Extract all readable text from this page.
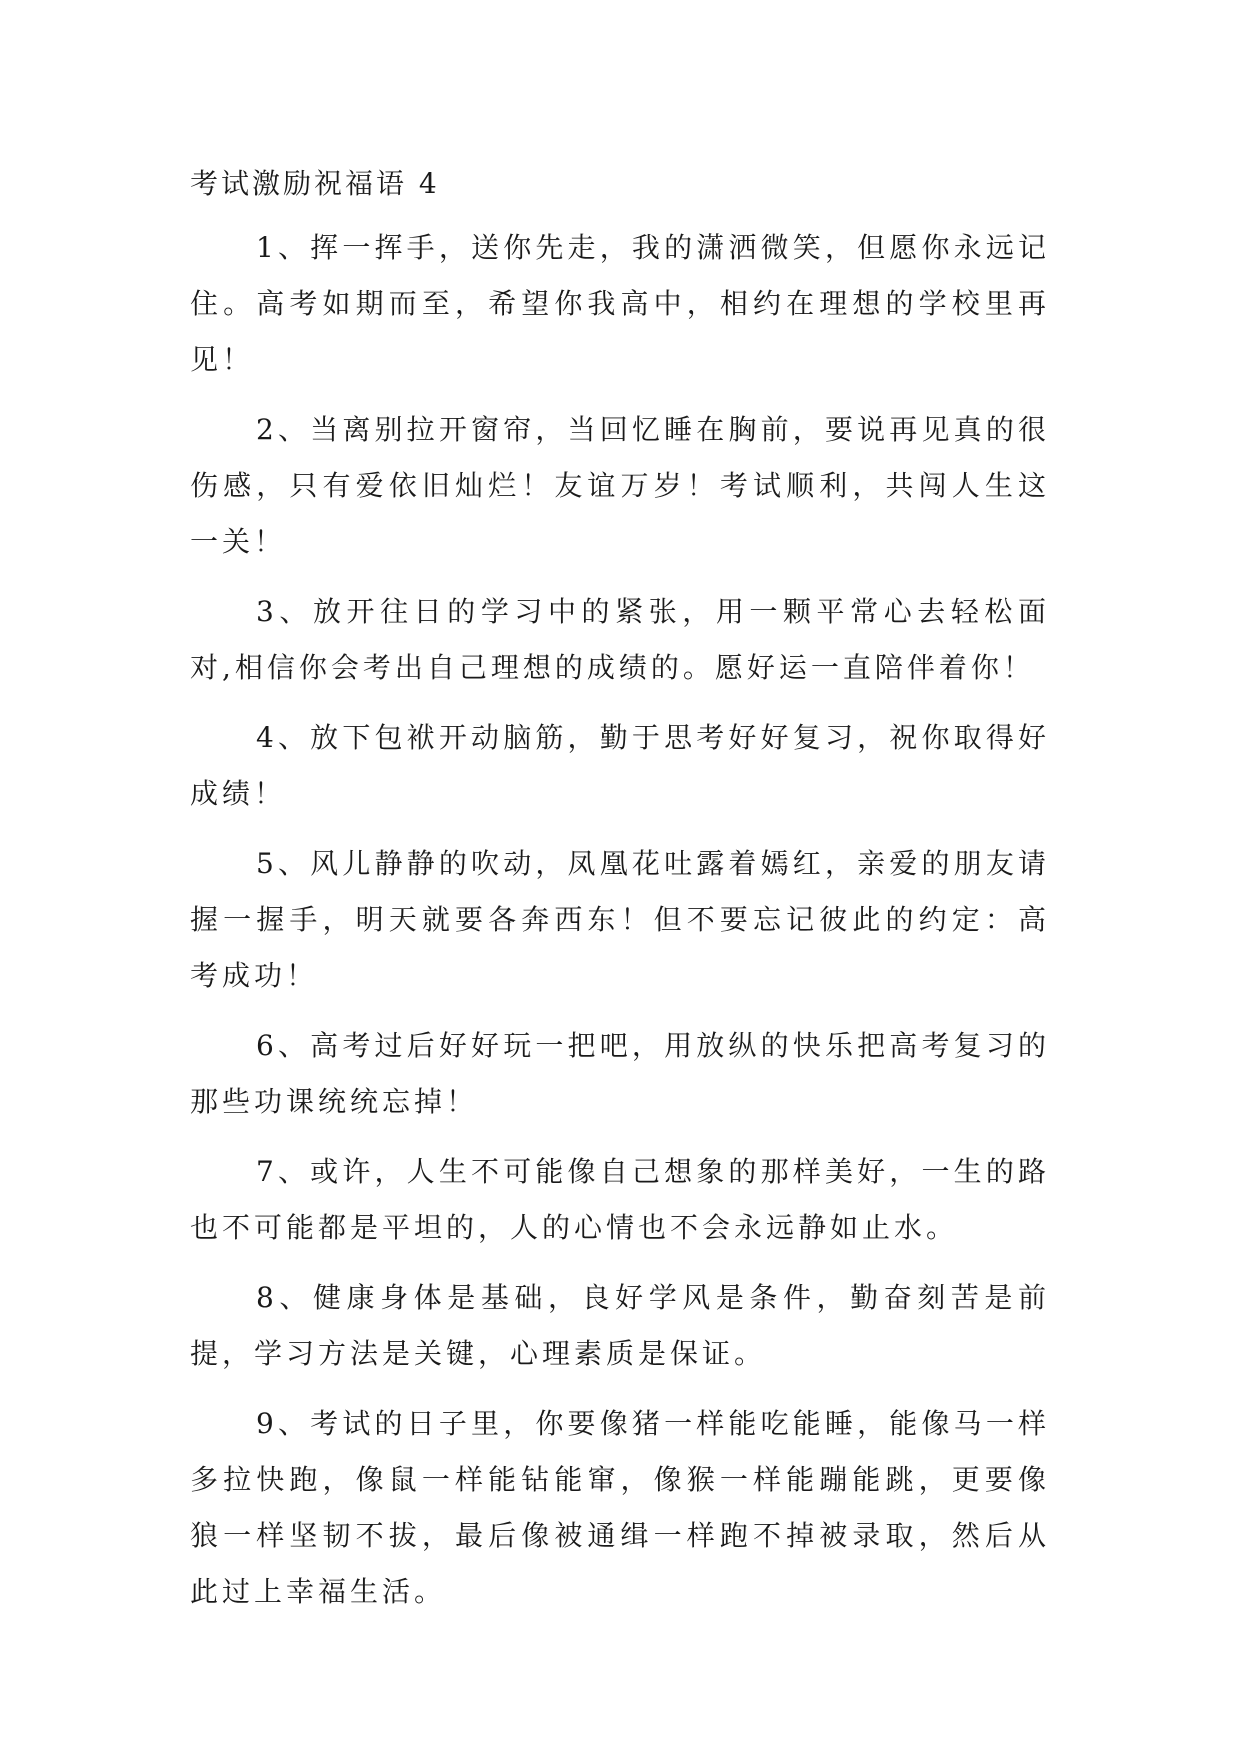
考试激励祝福语 4

1、挥一挥手，送你先走，我的潇洒微笑，但愿你永远记住。高考如期而至，希望你我高中，相约在理想的学校里再见！

2、当离别拉开窗帘，当回忆睡在胸前，要说再见真的很伤感，只有爱依旧灿烂！友谊万岁！考试顺利，共闯人生这一关！

3、放开往日的学习中的紧张，用一颗平常心去轻松面对,相信你会考出自己理想的成绩的。愿好运一直陪伴着你！

4、放下包袱开动脑筋，勤于思考好好复习，祝你取得好成绩！

5、风儿静静的吹动，凤凰花吐露着嫣红，亲爱的朋友请握一握手，明天就要各奔西东！但不要忘记彼此的约定：高考成功！

6、高考过后好好玩一把吧，用放纵的快乐把高考复习的那些功课统统忘掉！

7、或许，人生不可能像自己想象的那样美好，一生的路也不可能都是平坦的，人的心情也不会永远静如止水。

8、健康身体是基础，良好学风是条件，勤奋刻苦是前提，学习方法是关键，心理素质是保证。

9、考试的日子里，你要像猪一样能吃能睡，能像马一样多拉快跑，像鼠一样能钻能窜，像猴一样能蹦能跳，更要像狼一样坚韧不拔，最后像被通缉一样跑不掉被录取，然后从此过上幸福生活。
